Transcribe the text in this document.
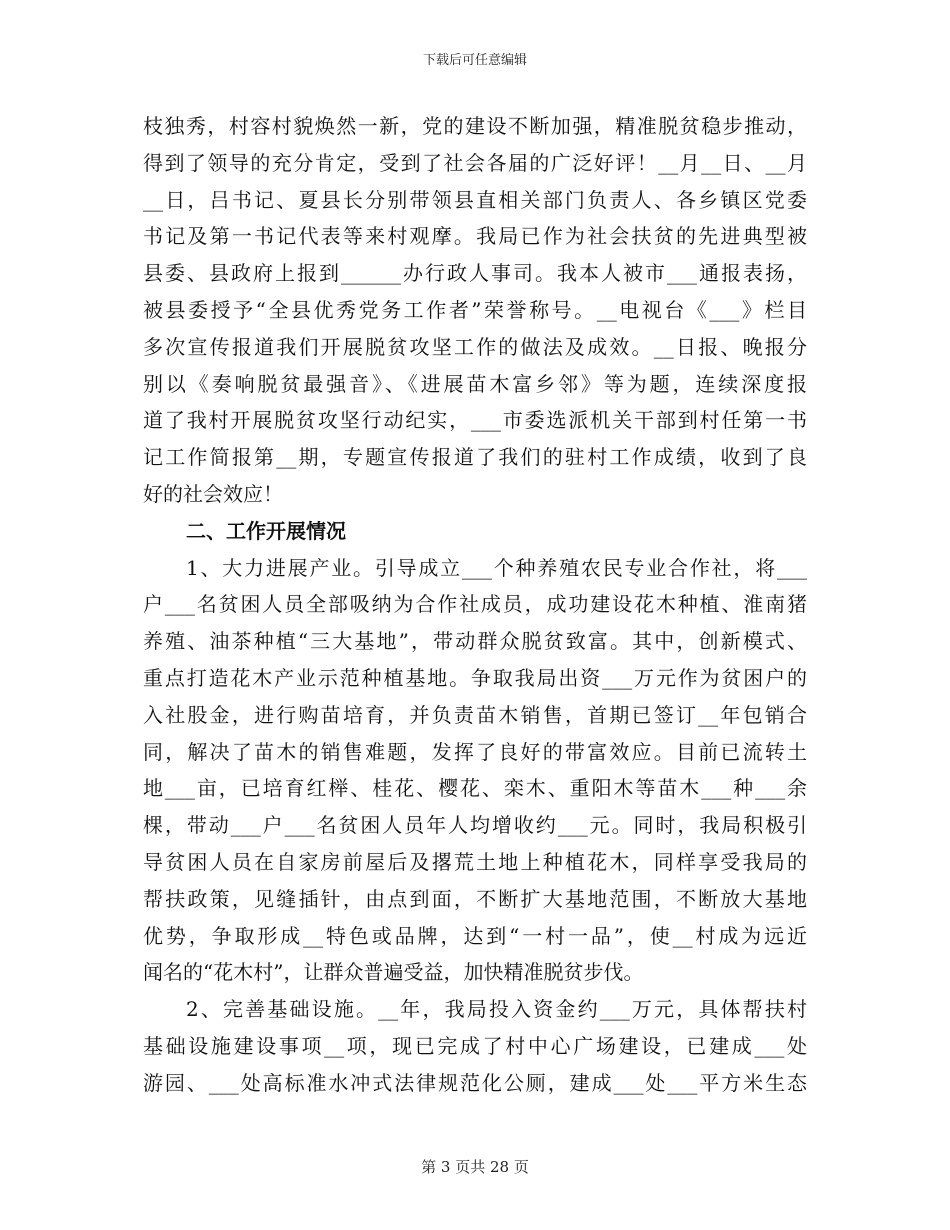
下载后可任意编辑
枝独秀，村容村貌焕然一新，党的建设不断加强，精准脱贫稳步推动，
得到了领导的充分肯定，受到了社会各届的广泛好评！__月__日、__月
__日，吕书记、夏县长分别带领县直相关部门负责人、各乡镇区党委
书记及第一书记代表等来村观摩。我局已作为社会扶贫的先进典型被
县委、县政府上报到______办行政人事司。我本人被市___通报表扬，
被县委授予“全县优秀党务工作者”荣誉称号。__电视台《___》栏目
多次宣传报道我们开展脱贫攻坚工作的做法及成效。__日报、晚报分
别以《奏响脱贫最强音》、《进展苗木富乡邻》等为题，连续深度报
道了我村开展脱贫攻坚行动纪实，___市委选派机关干部到村任第一书
记工作简报第__期，专题宣传报道了我们的驻村工作成绩，收到了良
好的社会效应！
二、工作开展情况
1、大力进展产业。引导成立___个种养殖农民专业合作社，将___
户___名贫困人员全部吸纳为合作社成员，成功建设花木种植、淮南猪
养殖、油茶种植“三大基地”，带动群众脱贫致富。其中，创新模式、
重点打造花木产业示范种植基地。争取我局出资___万元作为贫困户的
入社股金，进行购苗培育，并负责苗木销售，首期已签订__年包销合
同，解决了苗木的销售难题，发挥了良好的带富效应。目前已流转土
地___亩，已培育红榉、桂花、樱花、栾木、重阳木等苗木___种___余
棵，带动___户___名贫困人员年人均增收约___元。同时，我局积极引
导贫困人员在自家房前屋后及撂荒土地上种植花木，同样享受我局的
帮扶政策，见缝插针，由点到面，不断扩大基地范围，不断放大基地
优势，争取形成__特色或品牌，达到“一村一品”，使__村成为远近
闻名的“花木村”，让群众普遍受益，加快精准脱贫步伐。
2、完善基础设施。__年，我局投入资金约___万元，具体帮扶村
基础设施建设事项__项，现已完成了村中心广场建设，已建成___处
游园、___处高标准水冲式法律规范化公厕，建成___处___平方米生态
第 3 页共 28 页
